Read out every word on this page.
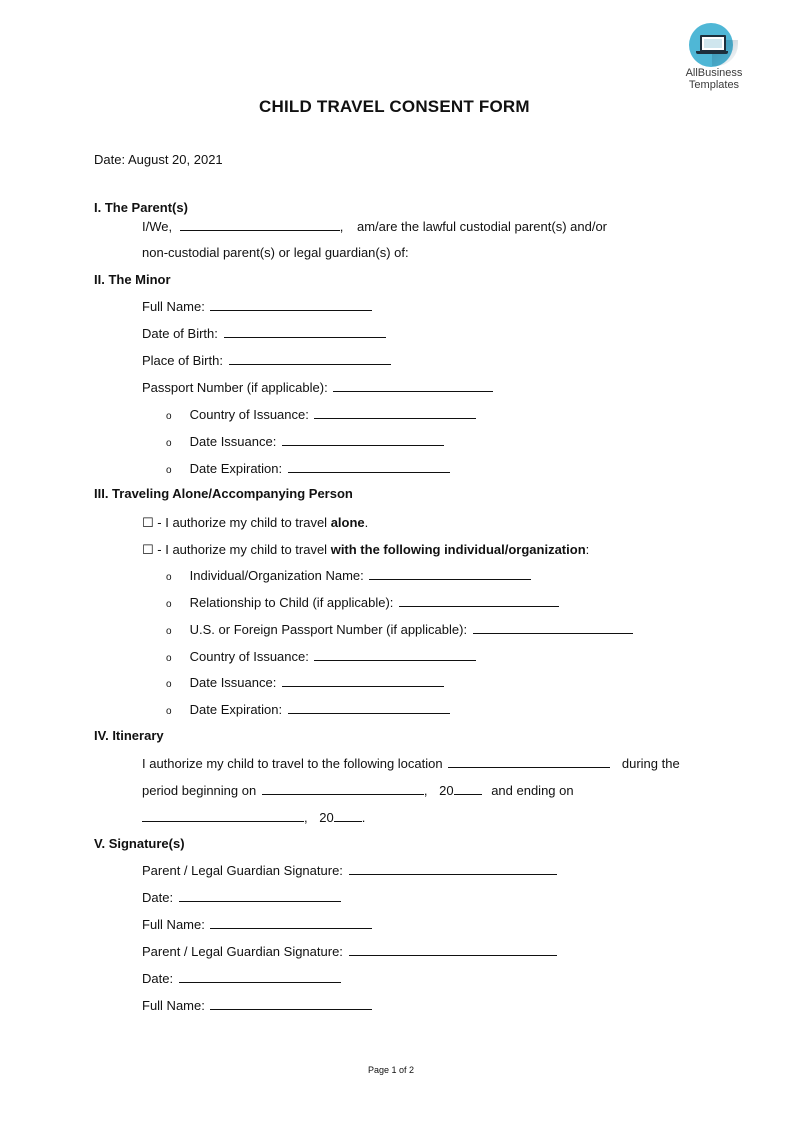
AllBusiness
Templates
CHILD TRAVEL CONSENT FORM
Date: August 20, 2021
I. The Parent(s)
I/We,	, am/are the lawful custodial parent(s) and/or
non-custodial parent(s) or legal guardian(s) of:
II. The Minor
Full Name:
Date of Birth:
Place of Birth:
Passport Number (if applicable):
o Country of Issuance:
o Date Issuance:
o Date Expiration:
III. Traveling Alone/Accompanying Person
☐ - I authorize my child to travel alone.
☐ - I authorize my child to travel with the following individual/organization:
o Individual/Organization Name:
o Relationship to Child (if applicable):
o U.S. or Foreign Passport Number (if applicable):
o Country of Issuance:
o Date Issuance:
o Date Expiration:
IV. Itinerary
I authorize my child to travel to the following location	during the
period beginning on	, 20	and ending on
, 20 .
V. Signature(s)
Parent / Legal Guardian Signature:
Date:
Full Name:
Parent / Legal Guardian Signature:
Date:
Full Name:
Page 1 of 2
